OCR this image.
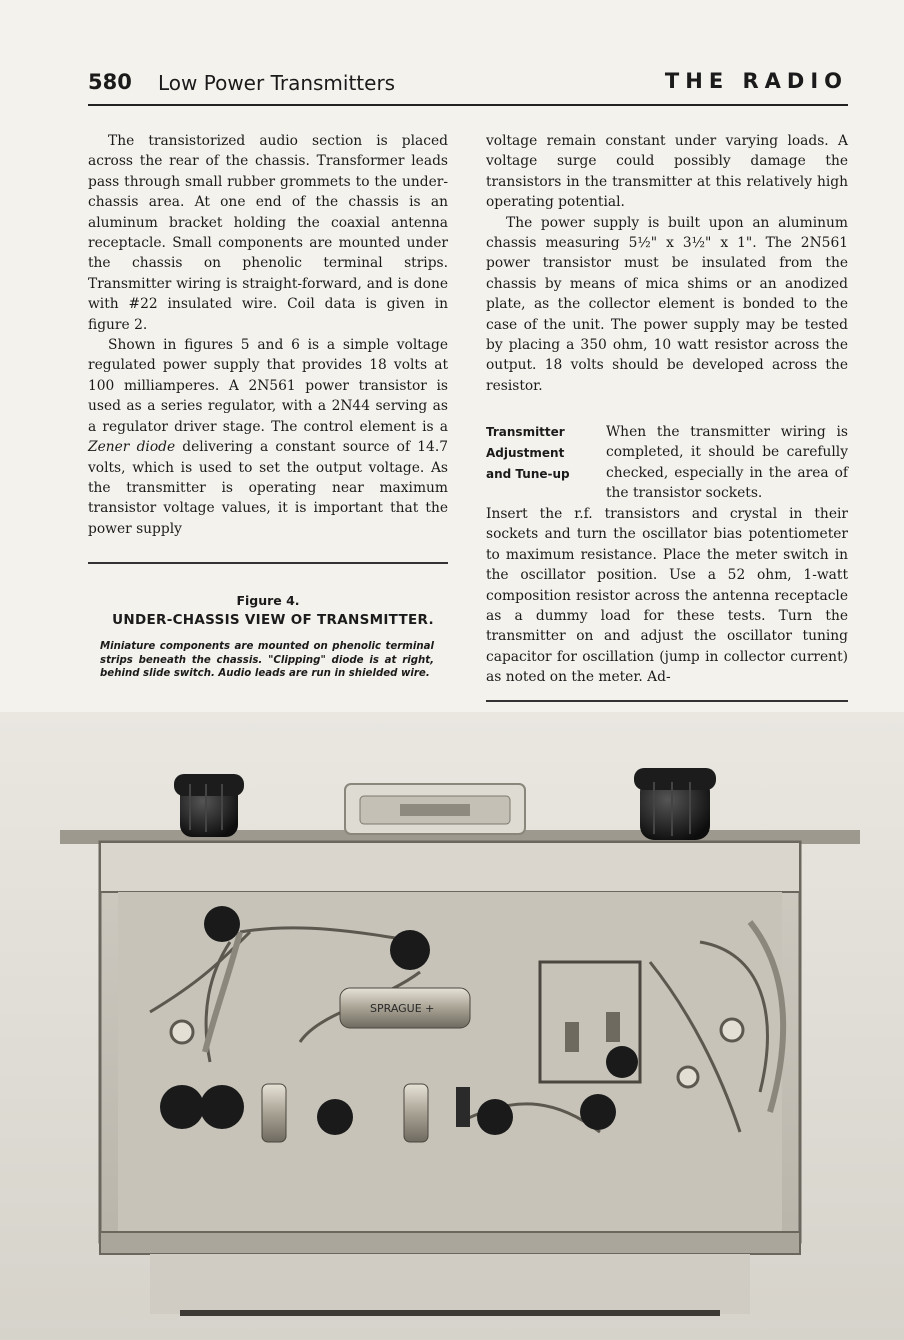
580 Low Power Transmitters	THE RADIO

The transistorized audio section is placed across the rear of the chassis. Transformer leads pass through small rubber grommets to the under-chassis area. At one end of the chassis is an aluminum bracket holding the coaxial antenna receptacle. Small components are mounted under the chassis on phenolic terminal strips. Transmitter wiring is straight-forward, and is done with #22 insulated wire. Coil data is given in figure 2.

Shown in figures 5 and 6 is a simple voltage regulated power supply that provides 18 volts at 100 milliamperes. A 2N561 power transistor is used as a series regulator, with a 2N44 serving as a regulator driver stage. The control element is a Zener diode delivering a constant source of 14.7 volts, which is used to set the output voltage. As the transmitter is operating near maximum transistor voltage values, it is important that the power supply

Figure 4.
UNDER-CHASSIS VIEW OF TRANSMITTER.
Miniature components are mounted on phenolic terminal strips beneath the chassis. "Clipping" diode is at right, behind slide switch. Audio leads are run in shielded wire.

voltage remain constant under varying loads. A voltage surge could possibly damage the transistors in the transmitter at this relatively high operating potential.

The power supply is built upon an aluminum chassis measuring 5½" x 3½" x 1". The 2N561 power transistor must be insulated from the chassis by means of mica shims or an anodized plate, as the collector element is bonded to the case of the unit. The power supply may be tested by placing a 350 ohm, 10 watt resistor across the output. 18 volts should be developed across the resistor.

Transmitter
Adjustment
and Tune-up
When the transmitter wiring is completed, it should be carefully checked, especially in the area of the transistor sockets.

Insert the r.f. transistors and crystal in their sockets and turn the oscillator bias potentiometer to maximum resistance. Place the meter switch in the oscillator position. Use a 52 ohm, 1-watt composition resistor across the antenna receptacle as a dummy load for these tests. Turn the transmitter on and adjust the oscillator tuning capacitor for oscillation (jump in collector current) as noted on the meter. Ad-

SPRAGUE +
